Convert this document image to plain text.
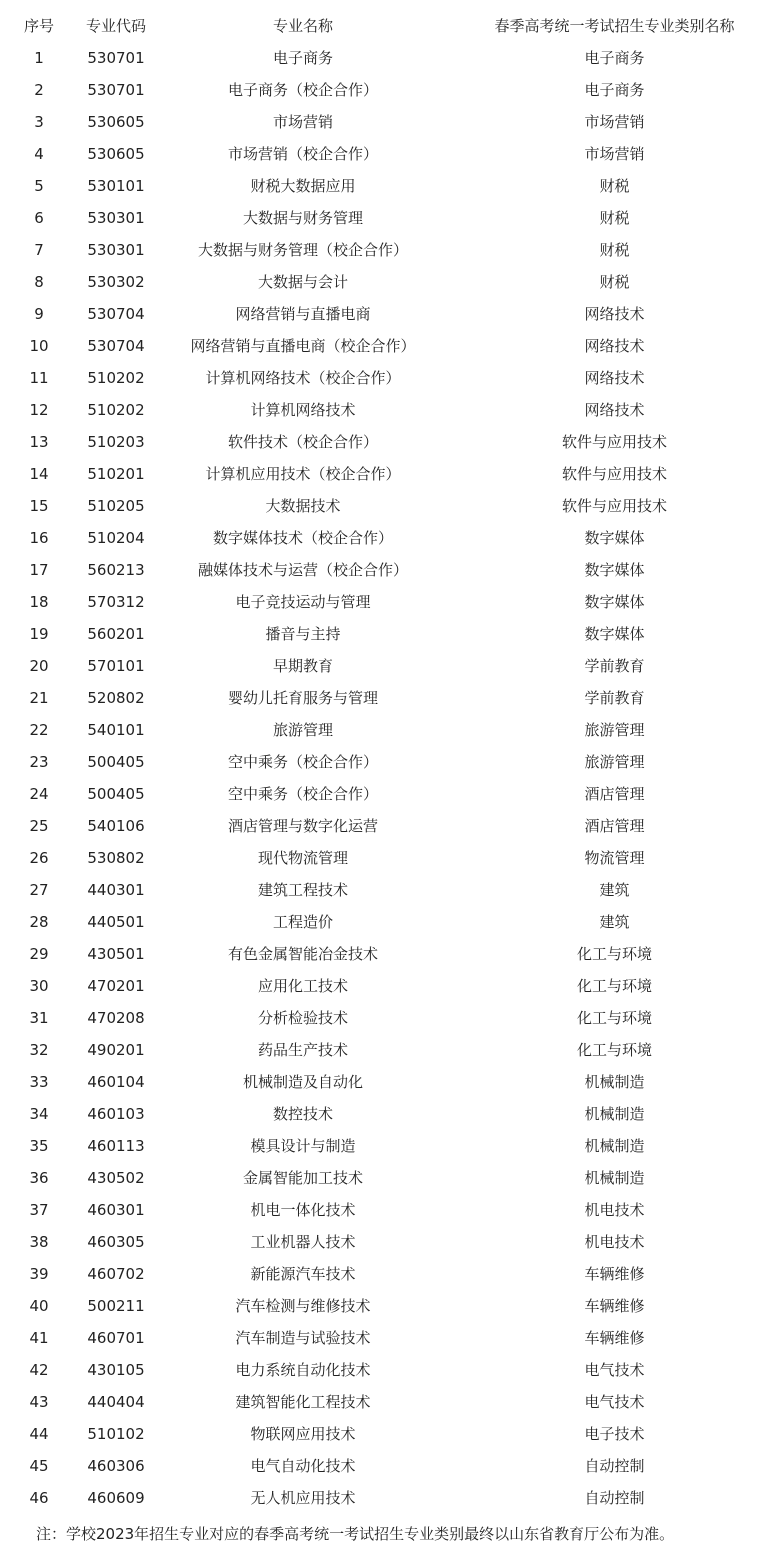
序号	专业代码	专业名称	春季高考统一考试招生专业类别名称
1	530701	电子商务	电子商务
2	530701	电子商务（校企合作）	电子商务
3	530605	市场营销	市场营销
4	530605	市场营销（校企合作）	市场营销
5	530101	财税大数据应用	财税
6	530301	大数据与财务管理	财税
7	530301	大数据与财务管理（校企合作）	财税
8	530302	大数据与会计	财税
9	530704	网络营销与直播电商	网络技术
10	530704	网络营销与直播电商（校企合作）	网络技术
11	510202	计算机网络技术（校企合作）	网络技术
12	510202	计算机网络技术	网络技术
13	510203	软件技术（校企合作）	软件与应用技术
14	510201	计算机应用技术（校企合作）	软件与应用技术
15	510205	大数据技术	软件与应用技术
16	510204	数字媒体技术（校企合作）	数字媒体
17	560213	融媒体技术与运营（校企合作）	数字媒体
18	570312	电子竞技运动与管理	数字媒体
19	560201	播音与主持	数字媒体
20	570101	早期教育	学前教育
21	520802	婴幼儿托育服务与管理	学前教育
22	540101	旅游管理	旅游管理
23	500405	空中乘务（校企合作）	旅游管理
24	500405	空中乘务（校企合作）	酒店管理
25	540106	酒店管理与数字化运营	酒店管理
26	530802	现代物流管理	物流管理
27	440301	建筑工程技术	建筑
28	440501	工程造价	建筑
29	430501	有色金属智能冶金技术	化工与环境
30	470201	应用化工技术	化工与环境
31	470208	分析检验技术	化工与环境
32	490201	药品生产技术	化工与环境
33	460104	机械制造及自动化	机械制造
34	460103	数控技术	机械制造
35	460113	模具设计与制造	机械制造
36	430502	金属智能加工技术	机械制造
37	460301	机电一体化技术	机电技术
38	460305	工业机器人技术	机电技术
39	460702	新能源汽车技术	车辆维修
40	500211	汽车检测与维修技术	车辆维修
41	460701	汽车制造与试验技术	车辆维修
42	430105	电力系统自动化技术	电气技术
43	440404	建筑智能化工程技术	电气技术
44	510102	物联网应用技术	电子技术
45	460306	电气自动化技术	自动控制
46	460609	无人机应用技术	自动控制
注：学校2023年招生专业对应的春季高考统一考试招生专业类别最终以山东省教育厅公布为准。
